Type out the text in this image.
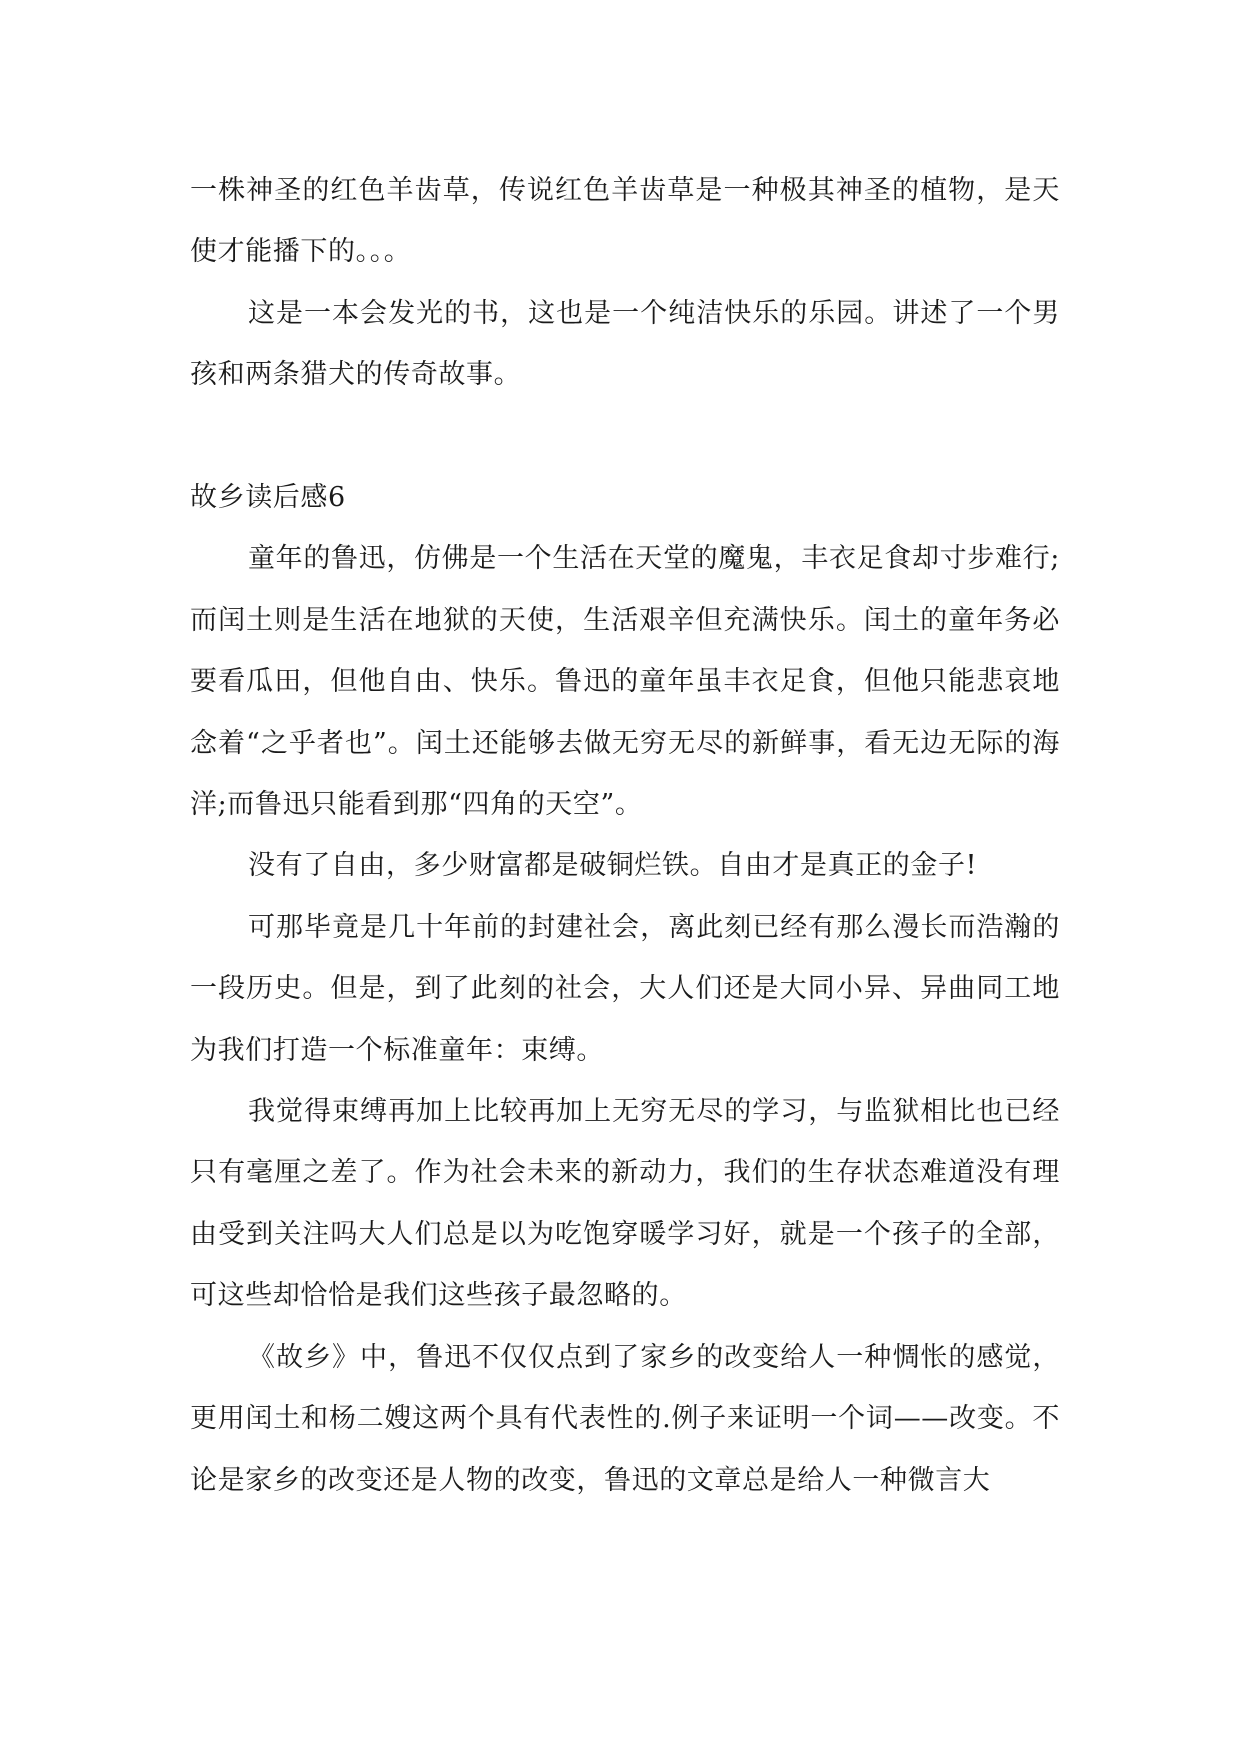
一株神圣的红色羊齿草，传说红色羊齿草是一种极其神圣的植物，是天使才能播下的。。。

这是一本会发光的书，这也是一个纯洁快乐的乐园。讲述了一个男孩和两条猎犬的传奇故事。

故乡读后感6

童年的鲁迅，仿佛是一个生活在天堂的魔鬼，丰衣足食却寸步难行;而闰土则是生活在地狱的天使，生活艰辛但充满快乐。闰土的童年务必要看瓜田，但他自由、快乐。鲁迅的童年虽丰衣足食，但他只能悲哀地念着“之乎者也”。闰土还能够去做无穷无尽的新鲜事，看无边无际的海洋;而鲁迅只能看到那“四角的天空”。

没有了自由，多少财富都是破铜烂铁。自由才是真正的金子!

可那毕竟是几十年前的封建社会，离此刻已经有那么漫长而浩瀚的一段历史。但是，到了此刻的社会，大人们还是大同小异、异曲同工地为我们打造一个标准童年：束缚。

我觉得束缚再加上比较再加上无穷无尽的学习，与监狱相比也已经只有毫厘之差了。作为社会未来的新动力，我们的生存状态难道没有理由受到关注吗大人们总是以为吃饱穿暖学习好，就是一个孩子的全部，可这些却恰恰是我们这些孩子最忽略的。

《故乡》中，鲁迅不仅仅点到了家乡的改变给人一种惆怅的感觉，更用闰土和杨二嫂这两个具有代表性的.例子来证明一个词——改变。不论是家乡的改变还是人物的改变，鲁迅的文章总是给人一种微言大
